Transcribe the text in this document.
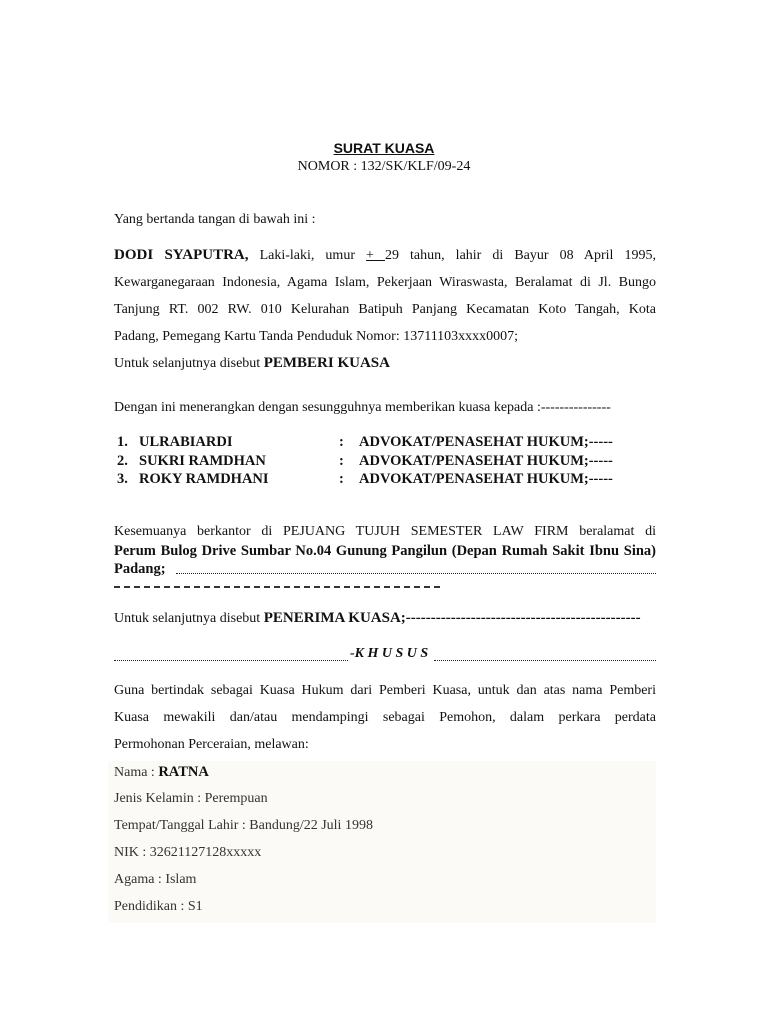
SURAT KUASA
NOMOR : 132/SK/KLF/09-24
Yang bertanda tangan di bawah ini :
DODI SYAPUTRA, Laki-laki, umur + 29 tahun, lahir di Bayur 08 April 1995,
Kewarganegaraan Indonesia, Agama Islam, Pekerjaan Wiraswasta, Beralamat di Jl. Bungo
Tanjung RT. 002 RW. 010 Kelurahan Batipuh Panjang Kecamatan Koto Tangah, Kota
Padang, Pemegang Kartu Tanda Penduduk Nomor: 13711103xxxx0007;
Untuk selanjutnya disebut PEMBERI KUASA
Dengan ini menerangkan dengan sesungguhnya memberikan kuasa kepada :---------------
1. ULRABIARDI	: ADVOKAT/PENASEHAT HUKUM;-----
2. SUKRI RAMDHAN	: ADVOKAT/PENASEHAT HUKUM;-----
3. ROKY RAMDHANI	: ADVOKAT/PENASEHAT HUKUM;-----
Kesemuanya berkantor di PEJUANG TUJUH SEMESTER LAW FIRM beralamat di
Perum Bulog Drive Sumbar No.04 Gunung Pangilun (Depan Rumah Sakit Ibnu Sina)
Padang;
Untuk selanjutnya disebut PENERIMA KUASA;-----------------------------------------------
-K H U S U S
Guna bertindak sebagai Kuasa Hukum dari Pemberi Kuasa, untuk dan atas nama Pemberi
Kuasa mewakili dan/atau mendampingi sebagai Pemohon, dalam perkara perdata
Permohonan Perceraian, melawan:
Nama : RATNA
Jenis Kelamin : Perempuan
Tempat/Tanggal Lahir : Bandung/22 Juli 1998
NIK : 32621127128xxxxx
Agama : Islam
Pendidikan : S1
